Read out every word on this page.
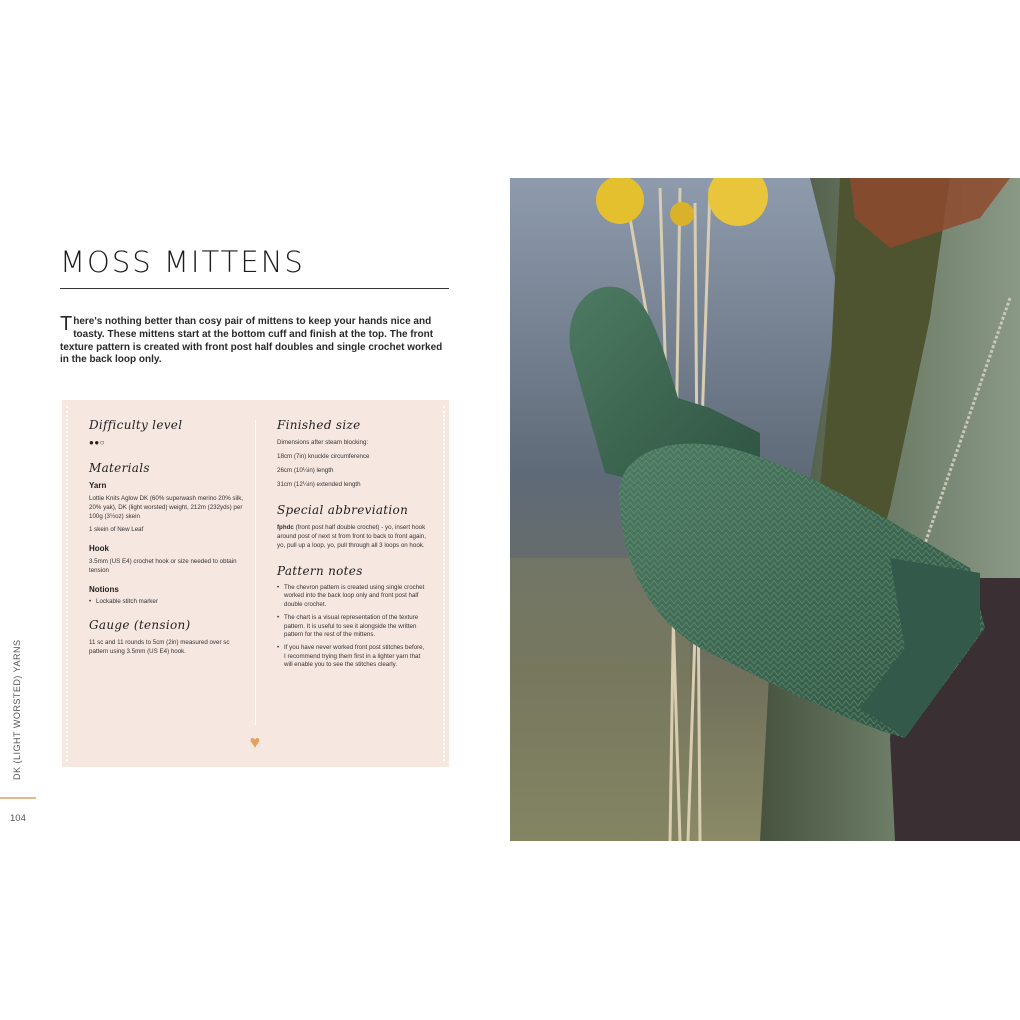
MOSS MITTENS

There's nothing better than cosy pair of mittens to keep your hands nice and toasty. These mittens start at the bottom cuff and finish at the top. The front texture pattern is created with front post half doubles and single crochet worked in the back loop only.

Difficulty level

●●○

Materials

Yarn

Lottie Knits Aglow DK (60% superwash merino 20% silk, 20% yak), DK (light worsted) weight, 212m (232yds) per 100g (3½oz) skein

1 skein of New Leaf

Hook

3.5mm (US E4) crochet hook or size needed to obtain tension

Notions

• Lockable stitch marker

Gauge (tension)

11 sc and 11 rounds to 5cm (2in) measured over sc pattern using 3.5mm (US E4) hook.

Finished size

Dimensions after steam blocking:

18cm (7in) knuckle circumference

26cm (10¼in) length

31cm (12¼in) extended length

Special abbreviation

fphdc (front post half double crochet) - yo, insert hook around post of next st from front to back to front again, yo, pull up a loop, yo, pull through all 3 loops on hook.

Pattern notes

• The chevron pattern is created using single crochet worked into the back loop only and front post half double crochet.
• The chart is a visual representation of the texture pattern. It is useful to see it alongside the written pattern for the rest of the mittens.
• If you have never worked front post stitches before, I recommend trying them first in a lighter yarn that will enable you to see the stitches clearly.
♥
DK (LIGHT WORSTED) YARNS
104
